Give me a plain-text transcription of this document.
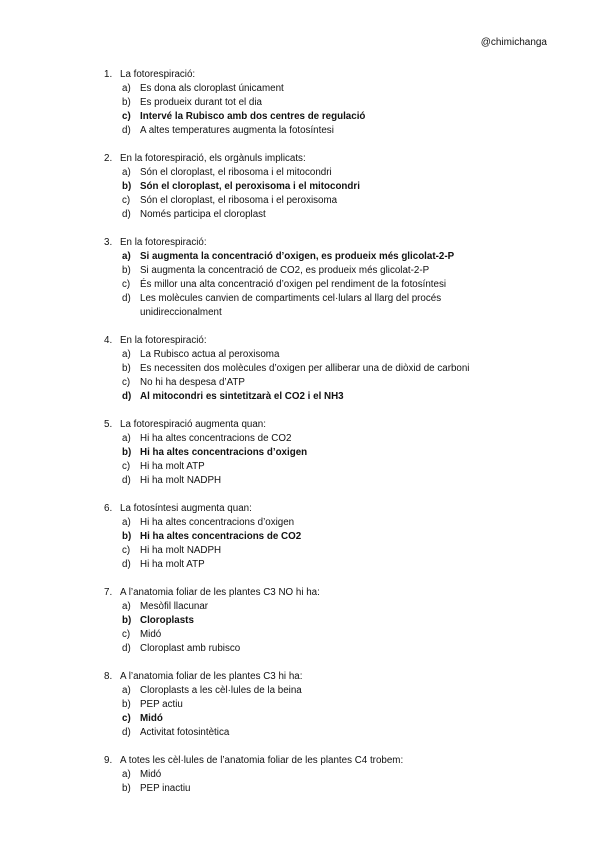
@chimichanga
1. La fotorespiració:
a) Es dona als cloroplast únicament
b) Es produeix durant tot el dia
c) Intervé la Rubisco amb dos centres de regulació
d) A altes temperatures augmenta la fotosíntesi
2. En la fotorespiració, els orgànuls implicats:
a) Són el cloroplast, el ribosoma i el mitocondri
b) Són el cloroplast, el peroxisoma i el mitocondri
c) Són el cloroplast, el ribosoma i el peroxisoma
d) Només participa el cloroplast
3. En la fotorespiració:
a) Si augmenta la concentració d’oxigen, es produeix més glicolat-2-P
b) Si augmenta la concentració de CO2, es produeix més glicolat-2-P
c) És millor una alta concentració d’oxigen pel rendiment de la fotosíntesi
d) Les molècules canvien de compartiments cel·lulars al llarg del procés unidireccionalment
4. En la fotorespiració:
a) La Rubisco actua al peroxisoma
b) Es necessiten dos molècules d’oxigen per alliberar una de diòxid de carboni
c) No hi ha despesa d’ATP
d) Al mitocondri es sintetitzarà el CO2 i el NH3
5. La fotorespiració augmenta quan:
a) Hi ha altes concentracions de CO2
b) Hi ha altes concentracions d’oxigen
c) Hi ha molt ATP
d) Hi ha molt NADPH
6. La fotosíntesi augmenta quan:
a) Hi ha altes concentracions d’oxigen
b) Hi ha altes concentracions de CO2
c) Hi ha molt NADPH
d) Hi ha molt ATP
7. A l’anatomia foliar de les plantes C3 NO hi ha:
a) Mesòfil llacunar
b) Cloroplasts
c) Midó
d) Cloroplast amb rubisco
8. A l’anatomia foliar de les plantes C3 hi ha:
a) Cloroplasts a les cèl·lules de la beina
b) PEP actiu
c) Midó
d) Activitat fotosintètica
9. A totes les cèl·lules de l’anatomia foliar de les plantes C4 trobem:
a) Midó
b) PEP inactiu
